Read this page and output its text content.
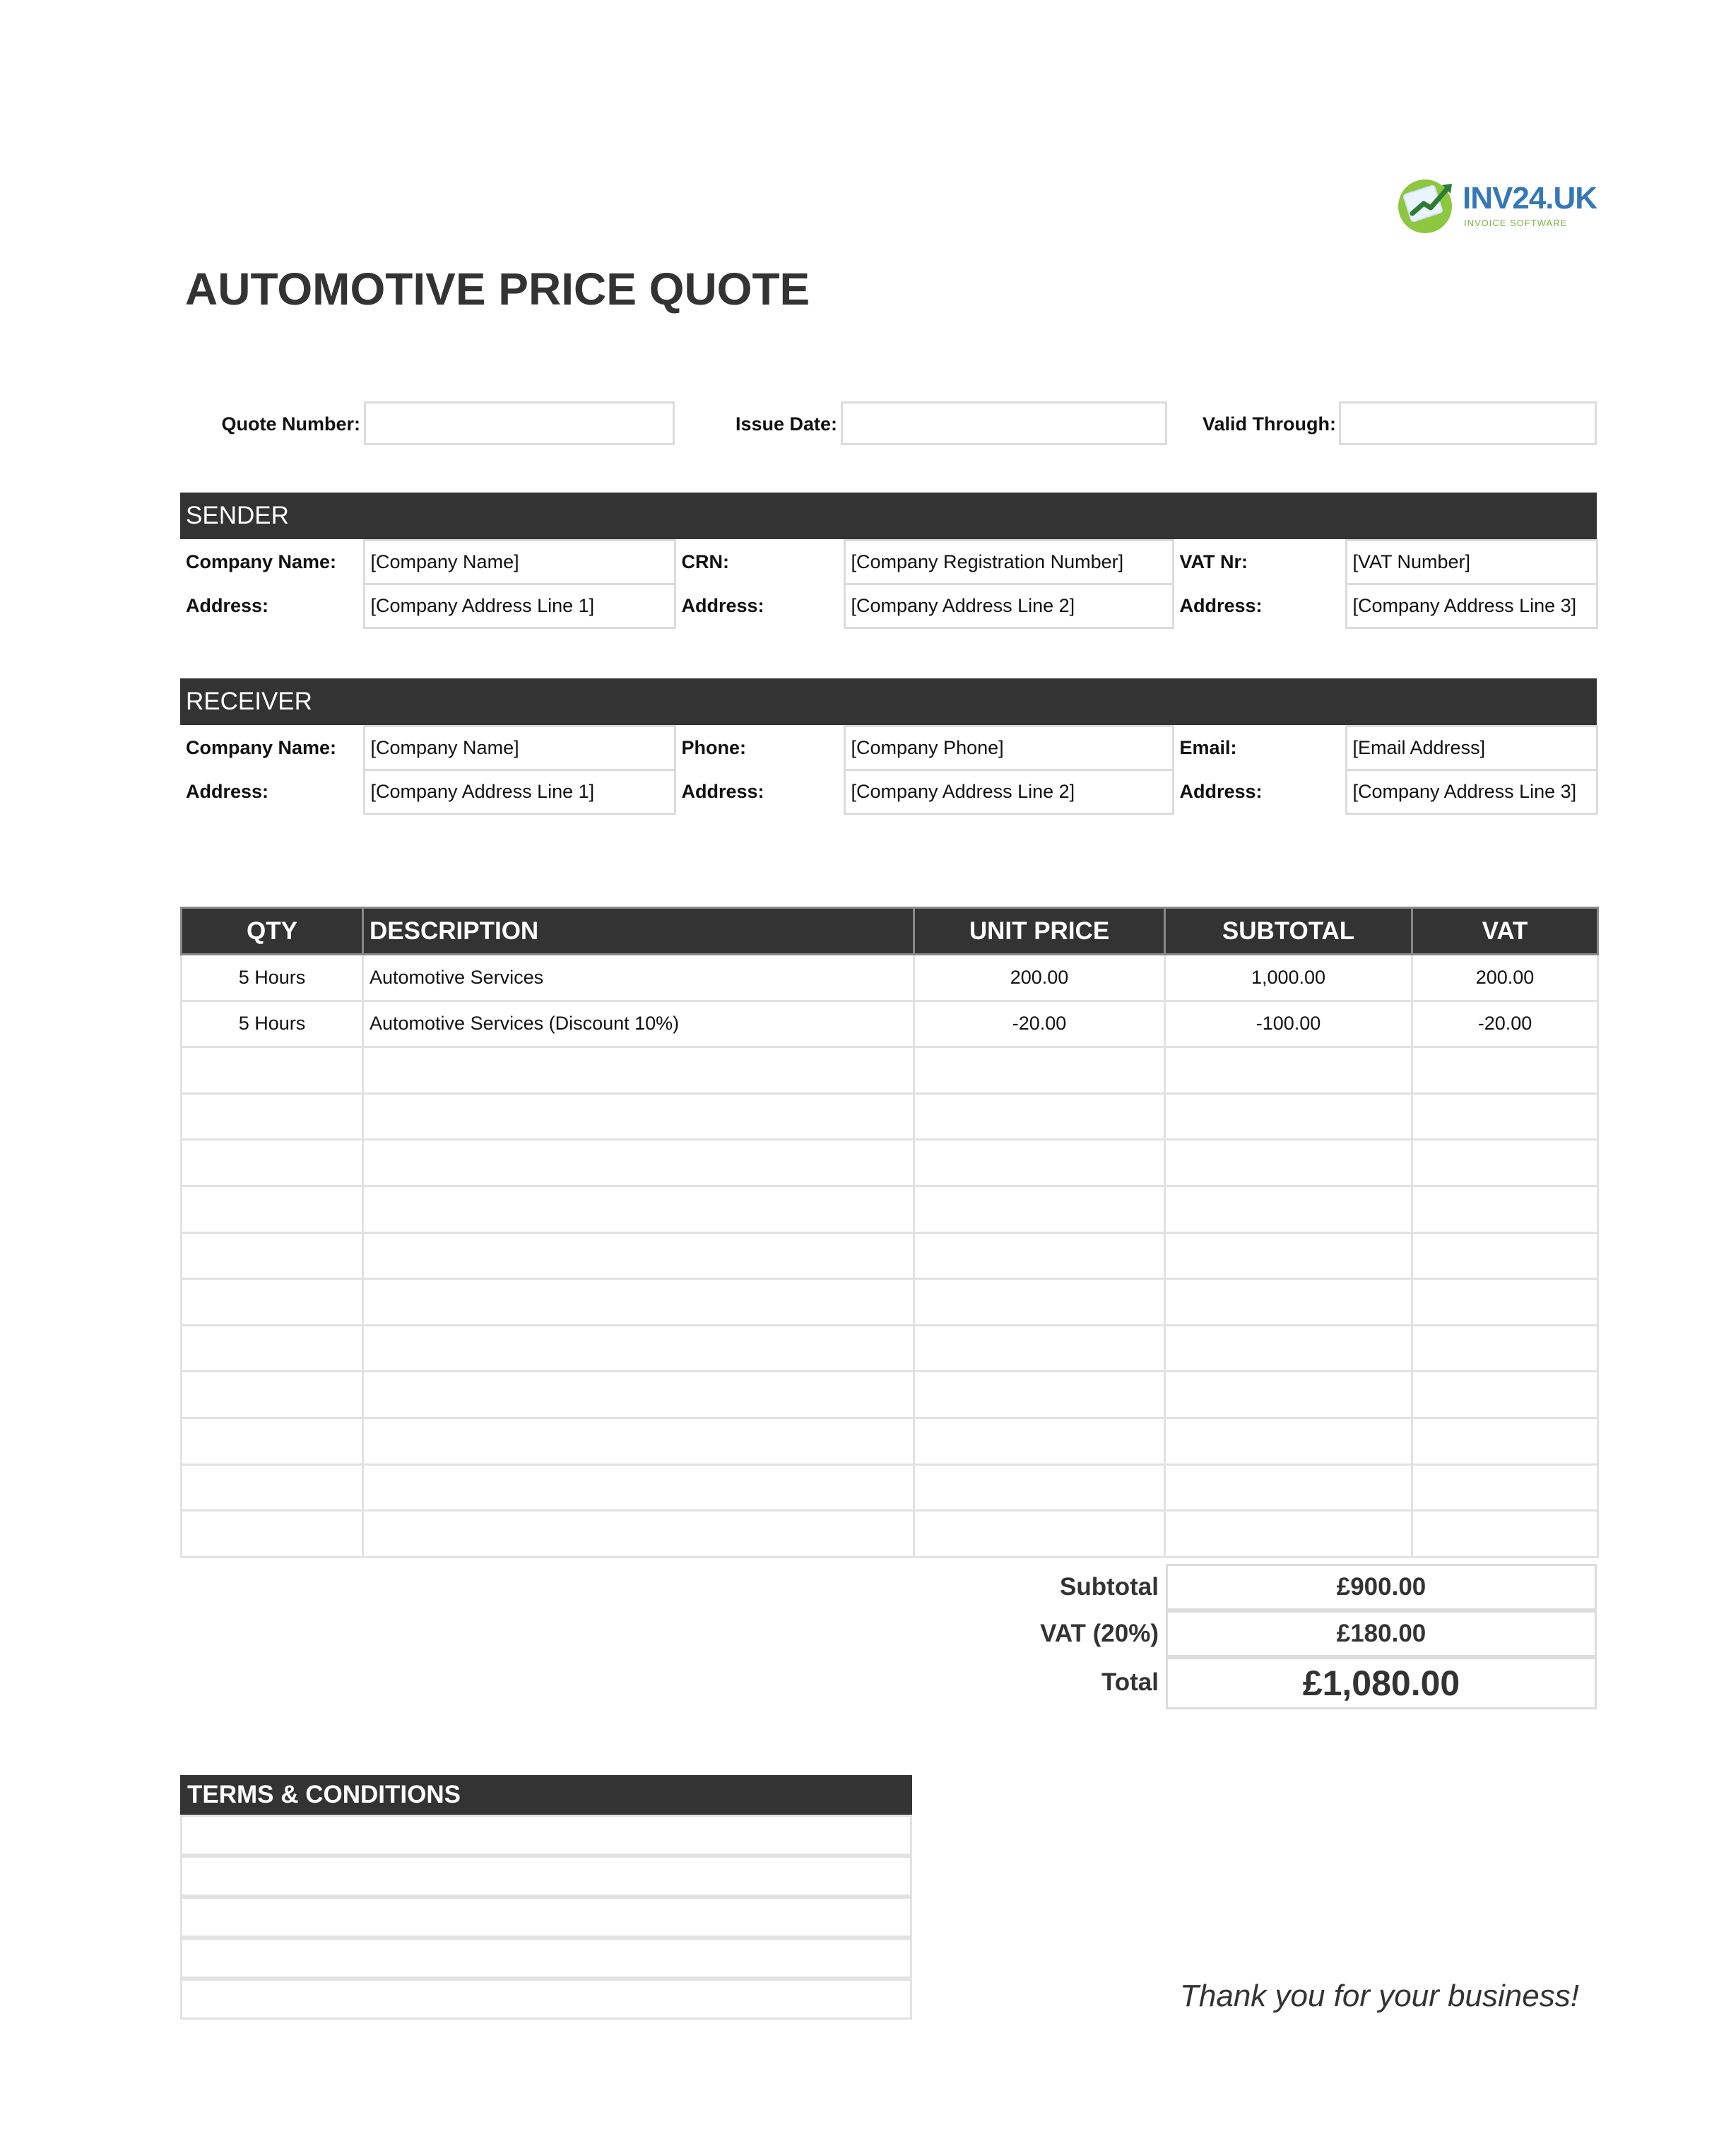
INV24.UK
INVOICE SOFTWARE
AUTOMOTIVE PRICE QUOTE
Quote Number:	Issue Date:	Valid Through:
SENDER
Company Name:	[Company Name]	CRN:	[Company Registration Number]	VAT Nr:	[VAT Number]
Address:	[Company Address Line 1]	Address:	[Company Address Line 2]	Address:	[Company Address Line 3]
RECEIVER
Company Name:	[Company Name]	Phone:	[Company Phone]	Email:	[Email Address]
Address:	[Company Address Line 1]	Address:	[Company Address Line 2]	Address:	[Company Address Line 3]
QTY	DESCRIPTION	UNIT PRICE	SUBTOTAL	VAT
5 Hours	Automotive Services	200.00	1,000.00	200.00
5 Hours	Automotive Services (Discount 10%)	-20.00	-100.00	-20.00

Subtotal	£900.00
VAT (20%)	£180.00
Total	£1,080.00
TERMS & CONDITIONS
Thank you for your business!
